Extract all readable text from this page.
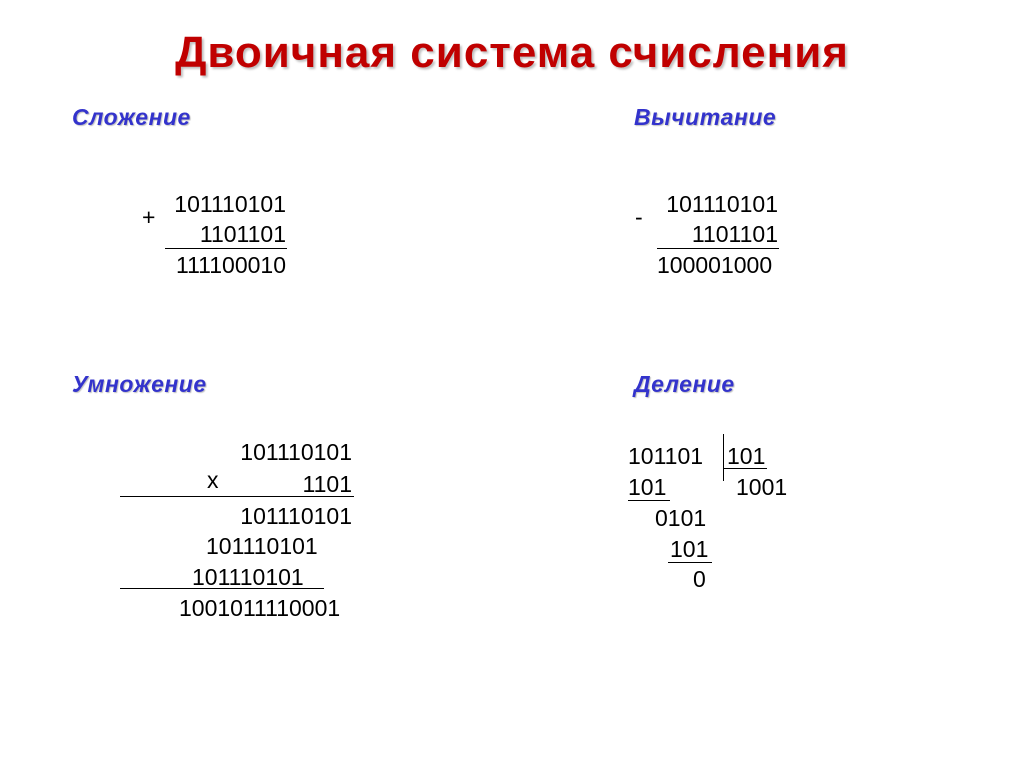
Двоичная система счисления
Сложение
+ 101110101
1101101
111100010
Вычитание
-	101110101
1101101
100001000
Умножение
101110101
x	1101
101110101
101110101
101110101
1001011110001
Деление
101101 101
1001
101
0101
101
0
